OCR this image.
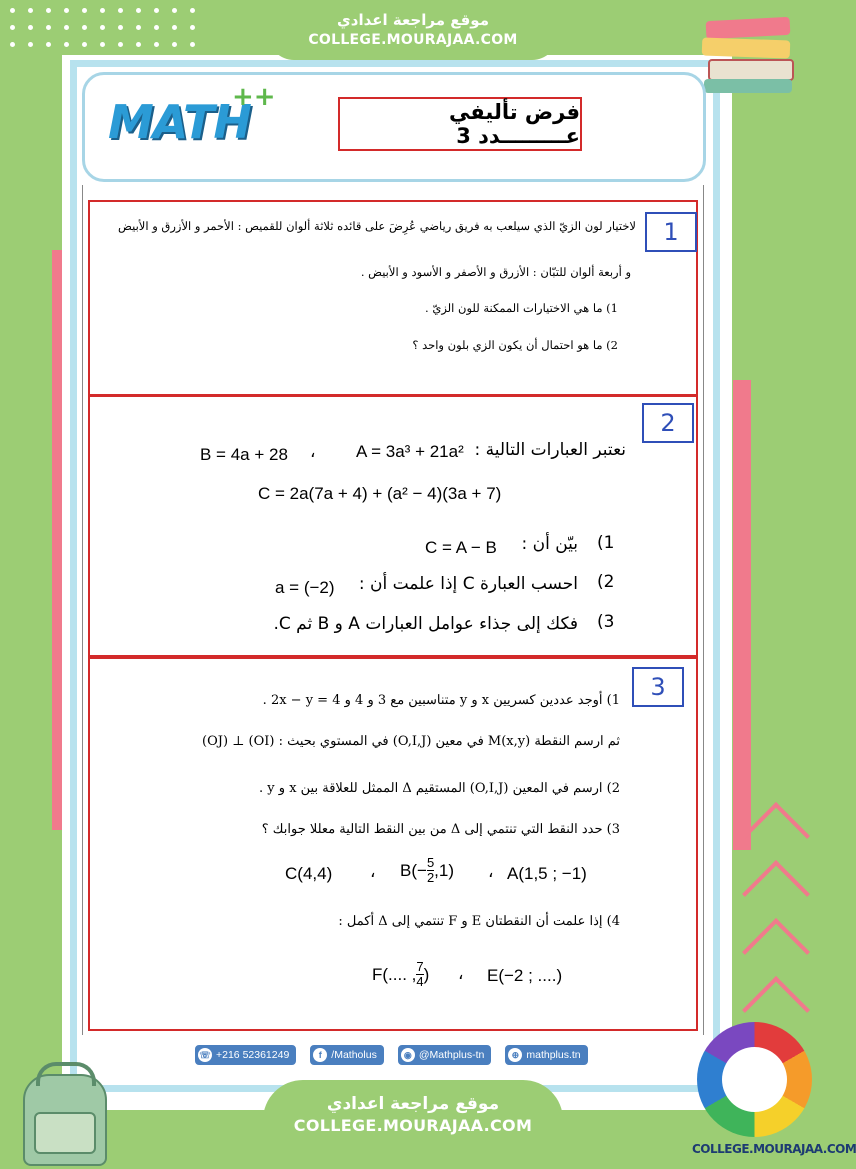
موقع مراجعة اعدادي
COLLEGE.MOURAJAA.COM
MATH
++	فرض تأليفي عـــــــــدد 3
1
لاختيار لون الزيّ الذي سيلعب به فريق رياضي عُرِضَ على قائده ثلاثة ألوان للقميص : الأحمر و الأزرق و الأبيض
و أربعة ألوان للتبّان : الأزرق و الأصفر و الأسود و الأبيض .
1) ما هي الاختيارات الممكنة للون الزيّ .
2) ما هو احتمال أن يكون الزي بلون واحد ؟
2
نعتبر العبارات التالية :
A = 3a³ + 21a²
،
B = 4a + 28
C = 2a(7a + 4) + (a² − 4)(3a + 7)
1)
بيّن أن :
C = A − B
2)
احسب العبارة C إذا علمت أن :
a = (−2)
3)
فكك إلى جذاء عوامل العبارات A و B ثم C.
3
1) أوجد عددين كسريين x و y متناسبين مع 3 و 4 و 2x − y = 4 .
ثم ارسم النقطة M(x,y) في معين (O,I,J) في المستوي بحيث : (OI) ⊥ (OJ)
2) ارسم في المعين (O,I,J) المستقيم Δ الممثل للعلاقة بين x و y .
3) حدد النقط التي تنتمي إلى Δ من بين النقط التالية معللا جوابك ؟
C(4,4) ، $B(- \frac{5}{2} ,1)$ ، A(1,5 ; −1)
4) إذا علمت أن النقطتان E و F تنتمي إلى Δ أكمل :
F(.... , $\frac{7}{4}$ ) ، E(−2 ; ....)
☏ +216 52361249	f /Matholus	◉ @Mathplus-tn	⊕ mathplus.tn
موقع مراجعة اعدادي
COLLEGE.MOURAJAA.COM
COLLEGE.MOURAJAA.COM
